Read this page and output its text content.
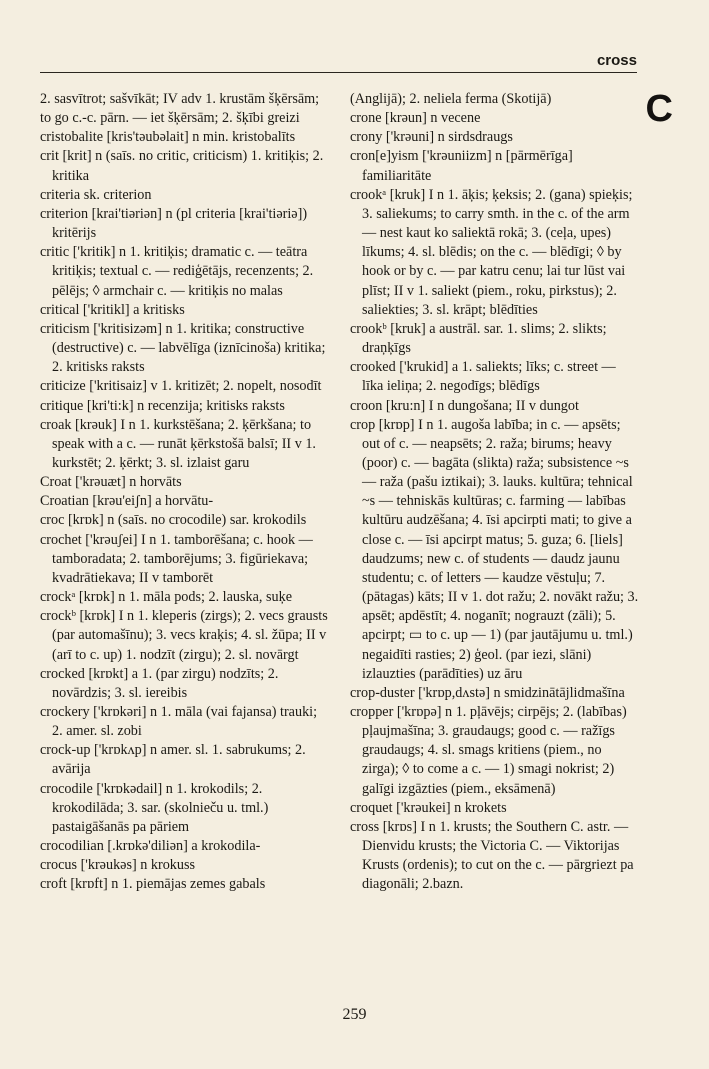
cross
C

2. sasvītrot; sašvīkāt; IV adv 1. krustām šķērsām; to go c.-c. pārn. — iet šķērsām; 2. šķībi greizi

cristobalite [kris'təubəlait] n min. kristobalīts

crit [krit] n (saīs. no critic, criticism) 1. kritiķis; 2. kritika

criteria sk. criterion

criterion [krai'tiəriən] n (pl criteria [krai'tiəriə]) kritērijs

critic ['kritik] n 1. kritiķis; dramatic c. — teātra kritiķis; textual c. — rediģētājs, recenzents; 2. pēlējs; ◊ armchair c. — kritiķis no malas

critical ['kritikl] a kritisks

criticism ['kritisizəm] n 1. kritika; constructive (destructive) c. — labvēlīga (iznīcinoša) kritika; 2. kritisks raksts

criticize ['kritisaiz] v 1. kritizēt; 2. nopelt, nosodīt

critique [kri'ti:k] n recenzija; kritisks raksts

croak [krəuk] I n 1. kurkstēšana; 2. ķērkšana; to speak with a c. — runāt ķērkstošā balsī; II v 1. kurkstēt; 2. ķērkt; 3. sl. izlaist garu

Croat ['krəuæt] n horvāts

Croatian [krəu'eiʃn] a horvātu-

croc [krɒk] n (saīs. no crocodile) sar. krokodils

crochet ['krəuʃei] I n 1. tamborēšana; c. hook — tamboradata; 2. tamborējums; 3. figūriekava; kvadrātiekava; II v tamborēt

crockᵃ [krɒk] n 1. māla pods; 2. lauska, suķe

crockᵇ [krɒk] I n 1. kleperis (zirgs); 2. vecs grausts (par automašīnu); 3. vecs kraķis; 4. sl. žūpa; II v (arī to c. up) 1. nodzīt (zirgu); 2. sl. novārgt

crocked [krɒkt] a 1. (par zirgu) nodzīts; 2. novārdzis; 3. sl. iereibis

crockery ['krɒkəri] n 1. māla (vai fajansa) trauki; 2. amer. sl. zobi

crock-up ['krɒkʌp] n amer. sl. 1. sabrukums; 2. avārija

crocodile ['krɒkədail] n 1. krokodils; 2. krokodilāda; 3. sar. (skolnieču u. tml.) pastaigāšanās pa pāriem

crocodilian [.krɒkə'diliən] a krokodila-

crocus ['krəukəs] n krokuss

croft [krɒft] n 1. piemājas zemes gabals

(Anglijā); 2. neliela ferma (Skotijā)

crone [krəun] n vecene

crony ['krəuni] n sirdsdraugs

cron[e]yism ['krəuniizm] n [pārmērīga] familiaritāte

crookᵃ [kruk] I n 1. āķis; ķeksis; 2. (gana) spieķis; 3. saliekums; to carry smth. in the c. of the arm — nest kaut ko saliektā rokā; 3. (ceļa, upes) līkums; 4. sl. blēdis; on the c. — blēdīgi; ◊ by hook or by c. — par katru cenu; lai tur lūst vai plīst; II v 1. saliekt (piem., roku, pirkstus); 2. saliekties; 3. sl. krāpt; blēdīties

crookᵇ [kruk] a austrāl. sar. 1. slims; 2. slikts; draņķīgs

crooked ['krukid] a 1. saliekts; līks; c. street — līka ieliņa; 2. negodīgs; blēdīgs

croon [kru:n] I n dungošana; II v dungot

crop [krɒp] I n 1. augoša labība; in c. — apsēts; out of c. — neapsēts; 2. raža; birums; heavy (poor) c. — bagāta (slikta) raža; subsistence ~s — raža (pašu iztikai); 3. lauks. kultūra; tehnical ~s — tehniskās kultūras; c. farming — labības kultūru audzēšana; 4. īsi apcirpti mati; to give a close c. — īsi apcirpt matus; 5. guza; 6. [liels] daudzums; new c. of students — daudz jaunu studentu; c. of letters — kaudze vēstuļu; 7. (pātagas) kāts; II v 1. dot ražu; 2. novākt ražu; 3. apsēt; apdēstīt; 4. noganīt; nograuzt (zāli); 5. apcirpt; ▭ to c. up — 1) (par jautājumu u. tml.) negaidīti rasties; 2) ģeol. (par iezi, slāni) izlauzties (parādīties) uz āru

crop-duster ['krɒp,dʌstə] n smidzinātājlidmašīna

cropper ['krɒpə] n 1. pļāvējs; cirpējs; 2. (labības) pļaujmašīna; 3. graudaugs; good c. — ražīgs graudaugs; 4. sl. smags kritiens (piem., no zirga); ◊ to come a c. — 1) smagi nokrist; 2) galīgi izgāzties (piem., eksāmenā)

croquet ['krəukei] n krokets

cross [krɒs] I n 1. krusts; the Southern C. astr. — Dienvidu krusts; the Victoria C. — Viktorijas Krusts (ordenis); to cut on the c. — pārgriezt pa diagonāli; 2.bazn.

259
